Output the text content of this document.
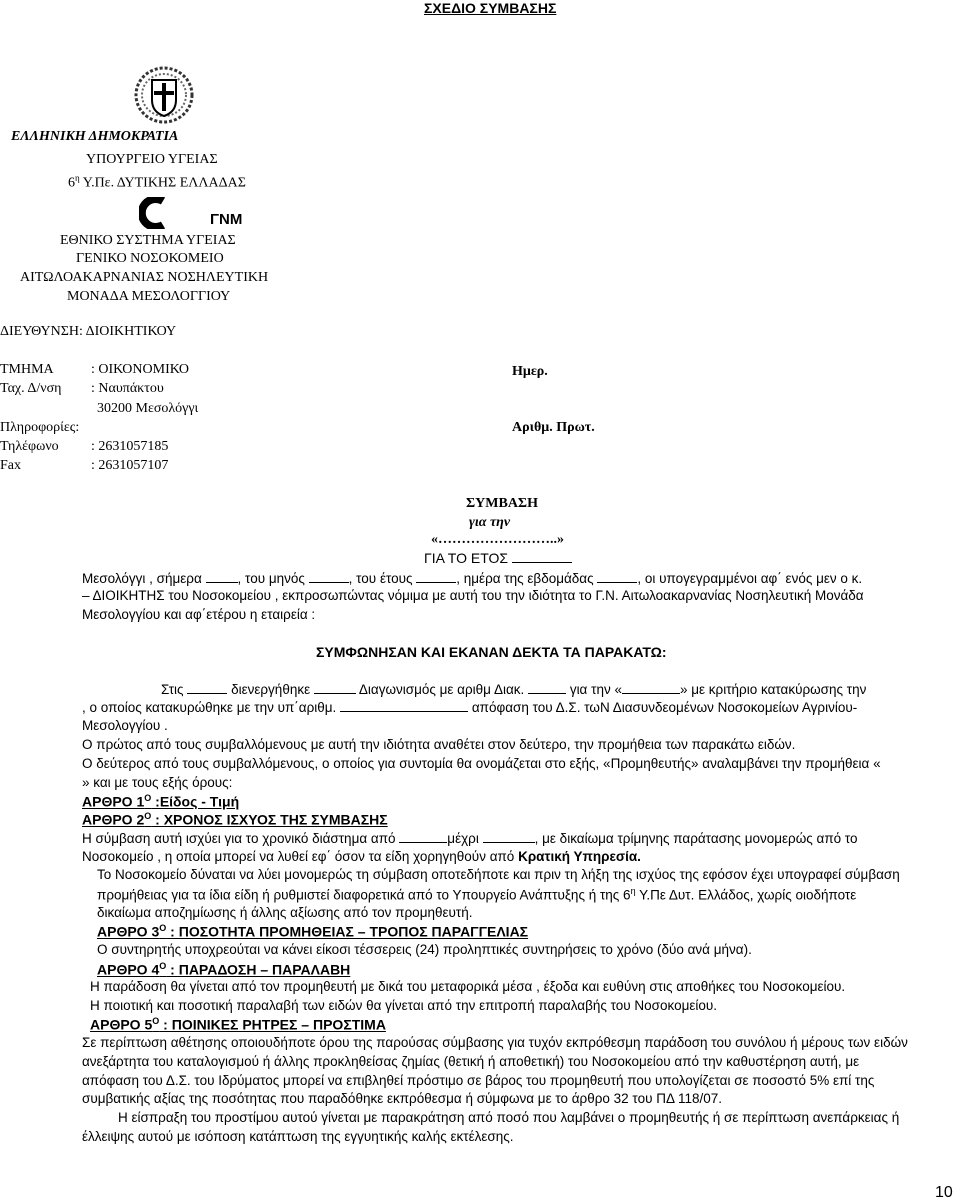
ΣΧΕΔΙΟ ΣΥΜΒΑΣΗΣ
ΕΛΛΗΝΙΚΗ ΔΗΜΟΚΡΑΤΙΑ
ΥΠΟΥΡΓΕΙΟ ΥΓΕΙΑΣ
$6^\eta$ Υ.Πε. ΔΥΤΙΚΗΣ ΕΛΛΑΔΑΣ
ΓΝΜ
ΕΘΝΙΚΟ ΣΥΣΤΗΜΑ ΥΓΕΙΑΣ
ΓΕΝΙΚΟ ΝΟΣΟΚΟΜΕΙΟ
ΑΙΤΩΛΟΑΚΑΡΝΑΝΙΑΣ ΝΟΣΗΛΕΥΤΙΚΗ
ΜΟΝΑΔΑ ΜΕΣΟΛΟΓΓΙΟΥ
ΔΙΕΥΘΥΝΣΗ: ΔΙΟΙΚΗΤΙΚΟΥ
ΤΜΗΜΑ	: ΟΙΚΟΝΟΜΙΚΟ
Ταχ. Δ/νση : Ναυπάκτου
30200 Μεσολόγγι
Πληροφορίες:
Τηλέφωνο : 2631057185
Fax	: 2631057107
Ημερ.
Αριθμ. Πρωτ.
ΣΥΜΒΑΣΗ
για την
«……………………..»
ΓΙΑ ΤΟ ΕΤΟΣ
Μεσολόγγι , σήμερα	, του μηνός	, του έτους	, ημέρα της εβδομάδας	, οι υπογεγραμμένοι αφ΄ ενός μεν ο κ.
– ΔΙΟΙΚΗΤΗΣ του Νοσοκομείου , εκπροσωπώντας νόμιμα με αυτή του την ιδιότητα το Γ.Ν. Αιτωλοακαρνανίας Νοσηλευτική Μονάδα
Μεσολογγίου και αφ΄ετέρου η εταιρεία :
ΣΥΜΦΩΝΗΣΑΝ ΚΑΙ ΕΚΑΝΑΝ ΔΕΚΤΑ ΤΑ ΠΑΡΑΚΑΤΩ:
Στις	διενεργήθηκε	Διαγωνισμός με αριθμ Διακ.	για την «	» με κριτήριο κατακύρωσης την
, ο οποίος κατακυρώθηκε με την υπ΄αριθμ.	απόφαση του Δ.Σ. τωΝ Διασυνδεομένων Νοσοκομείων Αγρινίου-
Μεσολογγίου .
Ο πρώτος από τους συμβαλλόμενους με αυτή την ιδιότητα αναθέτει στον δεύτερο, την προμήθεια των παρακάτω ειδών.
Ο δεύτερος από τους συμβαλλόμενους, ο οποίος για συντομία θα ονομάζεται στο εξής, «Προμηθευτής» αναλαμβάνει την προμήθεια «
» και με τους εξής όρους:
ΑΡΘΡΟ $1^O$ :Είδος - Τιμή
ΑΡΘΡΟ $2^O$ : ΧΡΟΝΟΣ ΙΣΧΥΟΣ ΤΗΣ ΣΥΜΒΑΣΗΣ
Η σύμβαση αυτή ισχύει για το χρονικό διάστημα από	μέχρι	, με δικαίωμα τρίμηνης παράτασης μονομερώς από το
Νοσοκομείο , η οποία μπορεί να λυθεί εφ΄ όσον τα είδη χορηγηθούν από Κρατική Υπηρεσία.
Το Νοσοκομείο δύναται να λύει μονομερώς τη σύμβαση οποτεδήποτε και πριν τη λήξη της ισχύος της εφόσον έχει υπογραφεί σύμβαση
προμήθειας για τα ίδια είδη ή ρυθμιστεί διαφορετικά από το Υπουργείο Ανάπτυξης ή της $6^\eta$ Υ.Πε Δυτ. Ελλάδος, χωρίς οιοδήποτε
δικαίωμα αποζημίωσης ή άλλης αξίωσης από τον προμηθευτή.
ΑΡΘΡΟ $3^O$ : ΠΟΣΟΤΗΤΑ ΠΡΟΜΗΘΕΙΑΣ – ΤΡΟΠΟΣ ΠΑΡΑΓΓΕΛΙΑΣ
Ο συντηρητής υποχρεούται να κάνει είκοσι τέσσερεις (24) προληπτικές συντηρήσεις το χρόνο (δύο ανά μήνα).
ΑΡΘΡΟ $4^O$ : ΠΑΡΑΔΟΣΗ – ΠΑΡΑΛΑΒΗ
Η παράδοση θα γίνεται από τον προμηθευτή με δικά του μεταφορικά μέσα , έξοδα και ευθύνη στις αποθήκες του Νοσοκομείου.
Η ποιοτική και ποσοτική παραλαβή των ειδών θα γίνεται από την επιτροπή παραλαβής του Νοσοκομείου.
ΑΡΘΡΟ $5^O$ : ΠΟΙΝΙΚΕΣ ΡΗΤΡΕΣ – ΠΡΟΣΤΙΜΑ
Σε περίπτωση αθέτησης οποιουδήποτε όρου της παρούσας σύμβασης για τυχόν εκπρόθεσμη παράδοση του συνόλου ή μέρους των ειδών
ανεξάρτητα του καταλογισμού ή άλλης προκληθείσας ζημίας (θετική ή αποθετική) του Νοσοκομείου από την καθυστέρηση αυτή, με
απόφαση του Δ.Σ. του Ιδρύματος μπορεί να επιβληθεί πρόστιμο σε βάρος του προμηθευτή που υπολογίζεται σε ποσοστό 5% επί της
συμβατικής αξίας της ποσότητας που παραδόθηκε εκπρόθεσμα ή σύμφωνα με το άρθρο 32 του ΠΔ 118/07.
Η είσπραξη του προστίμου αυτού γίνεται με παρακράτηση από ποσό που λαμβάνει ο προμηθευτής ή σε περίπτωση ανεπάρκειας ή
έλλειψης αυτού με ισόποση κατάπτωση της εγγυητικής καλής εκτέλεσης.
10
